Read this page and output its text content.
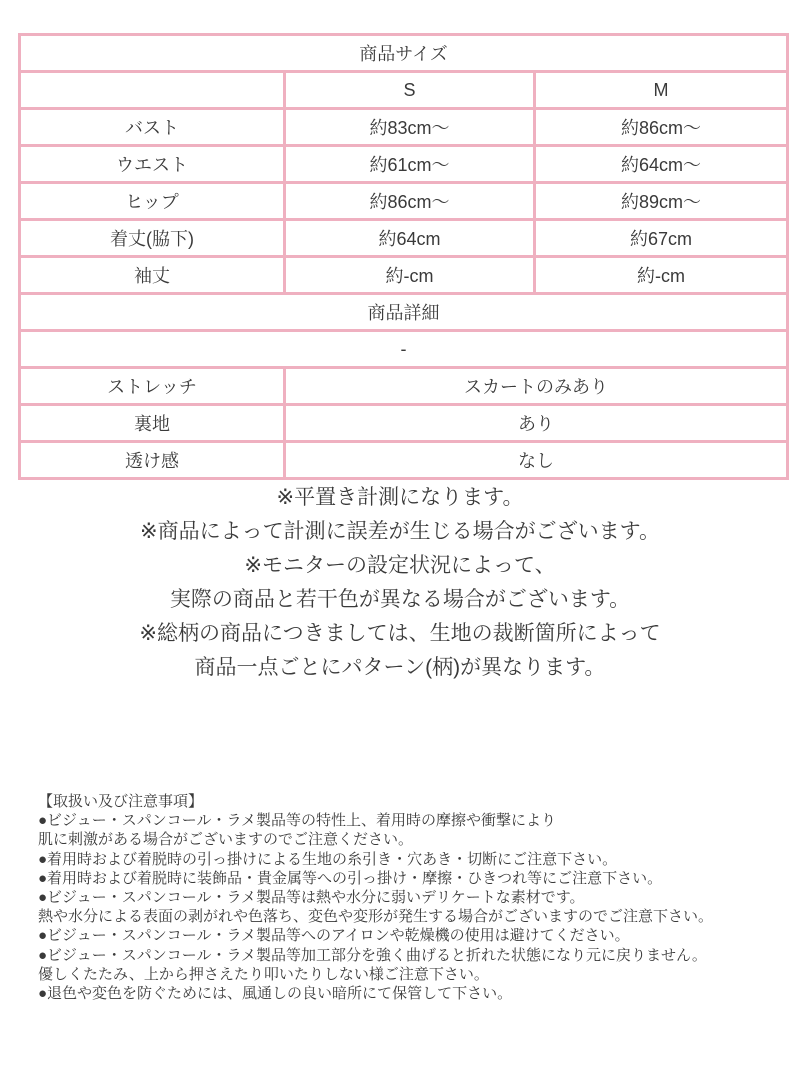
商品サイズ		
	S	M
バスト	約83cm～	約86cm～
ウエスト	約61cm～	約64cm～
ヒップ	約86cm～	約89cm～
着丈(脇下)	約64cm	約67cm
袖丈	約-cm	約-cm
商品詳細		
-		
ストレッチ	スカートのみあり	
裏地	あり	
透け感	なし	
※平置き計測になります。
※商品によって計測に誤差が生じる場合がございます。
※モニターの設定状況によって、
実際の商品と若干色が異なる場合がございます。
※総柄の商品につきましては、生地の裁断箇所によって
商品一点ごとにパターン(柄)が異なります。
【取扱い及び注意事項】
●ビジュー・スパンコール・ラメ製品等の特性上、着用時の摩擦や衝撃により
肌に刺激がある場合がございますのでご注意ください。
●着用時および着脱時の引っ掛けによる生地の糸引き・穴あき・切断にご注意下さい。
●着用時および着脱時に装飾品・貴金属等への引っ掛け・摩擦・ひきつれ等にご注意下さい。
●ビジュー・スパンコール・ラメ製品等は熱や水分に弱いデリケートな素材です。
熱や水分による表面の剥がれや色落ち、変色や変形が発生する場合がございますのでご注意下さい。
●ビジュー・スパンコール・ラメ製品等へのアイロンや乾燥機の使用は避けてください。
●ビジュー・スパンコール・ラメ製品等加工部分を強く曲げると折れた状態になり元に戻りません。
優しくたたみ、上から押さえたり叩いたりしない様ご注意下さい。
●退色や変色を防ぐためには、風通しの良い暗所にて保管して下さい。
